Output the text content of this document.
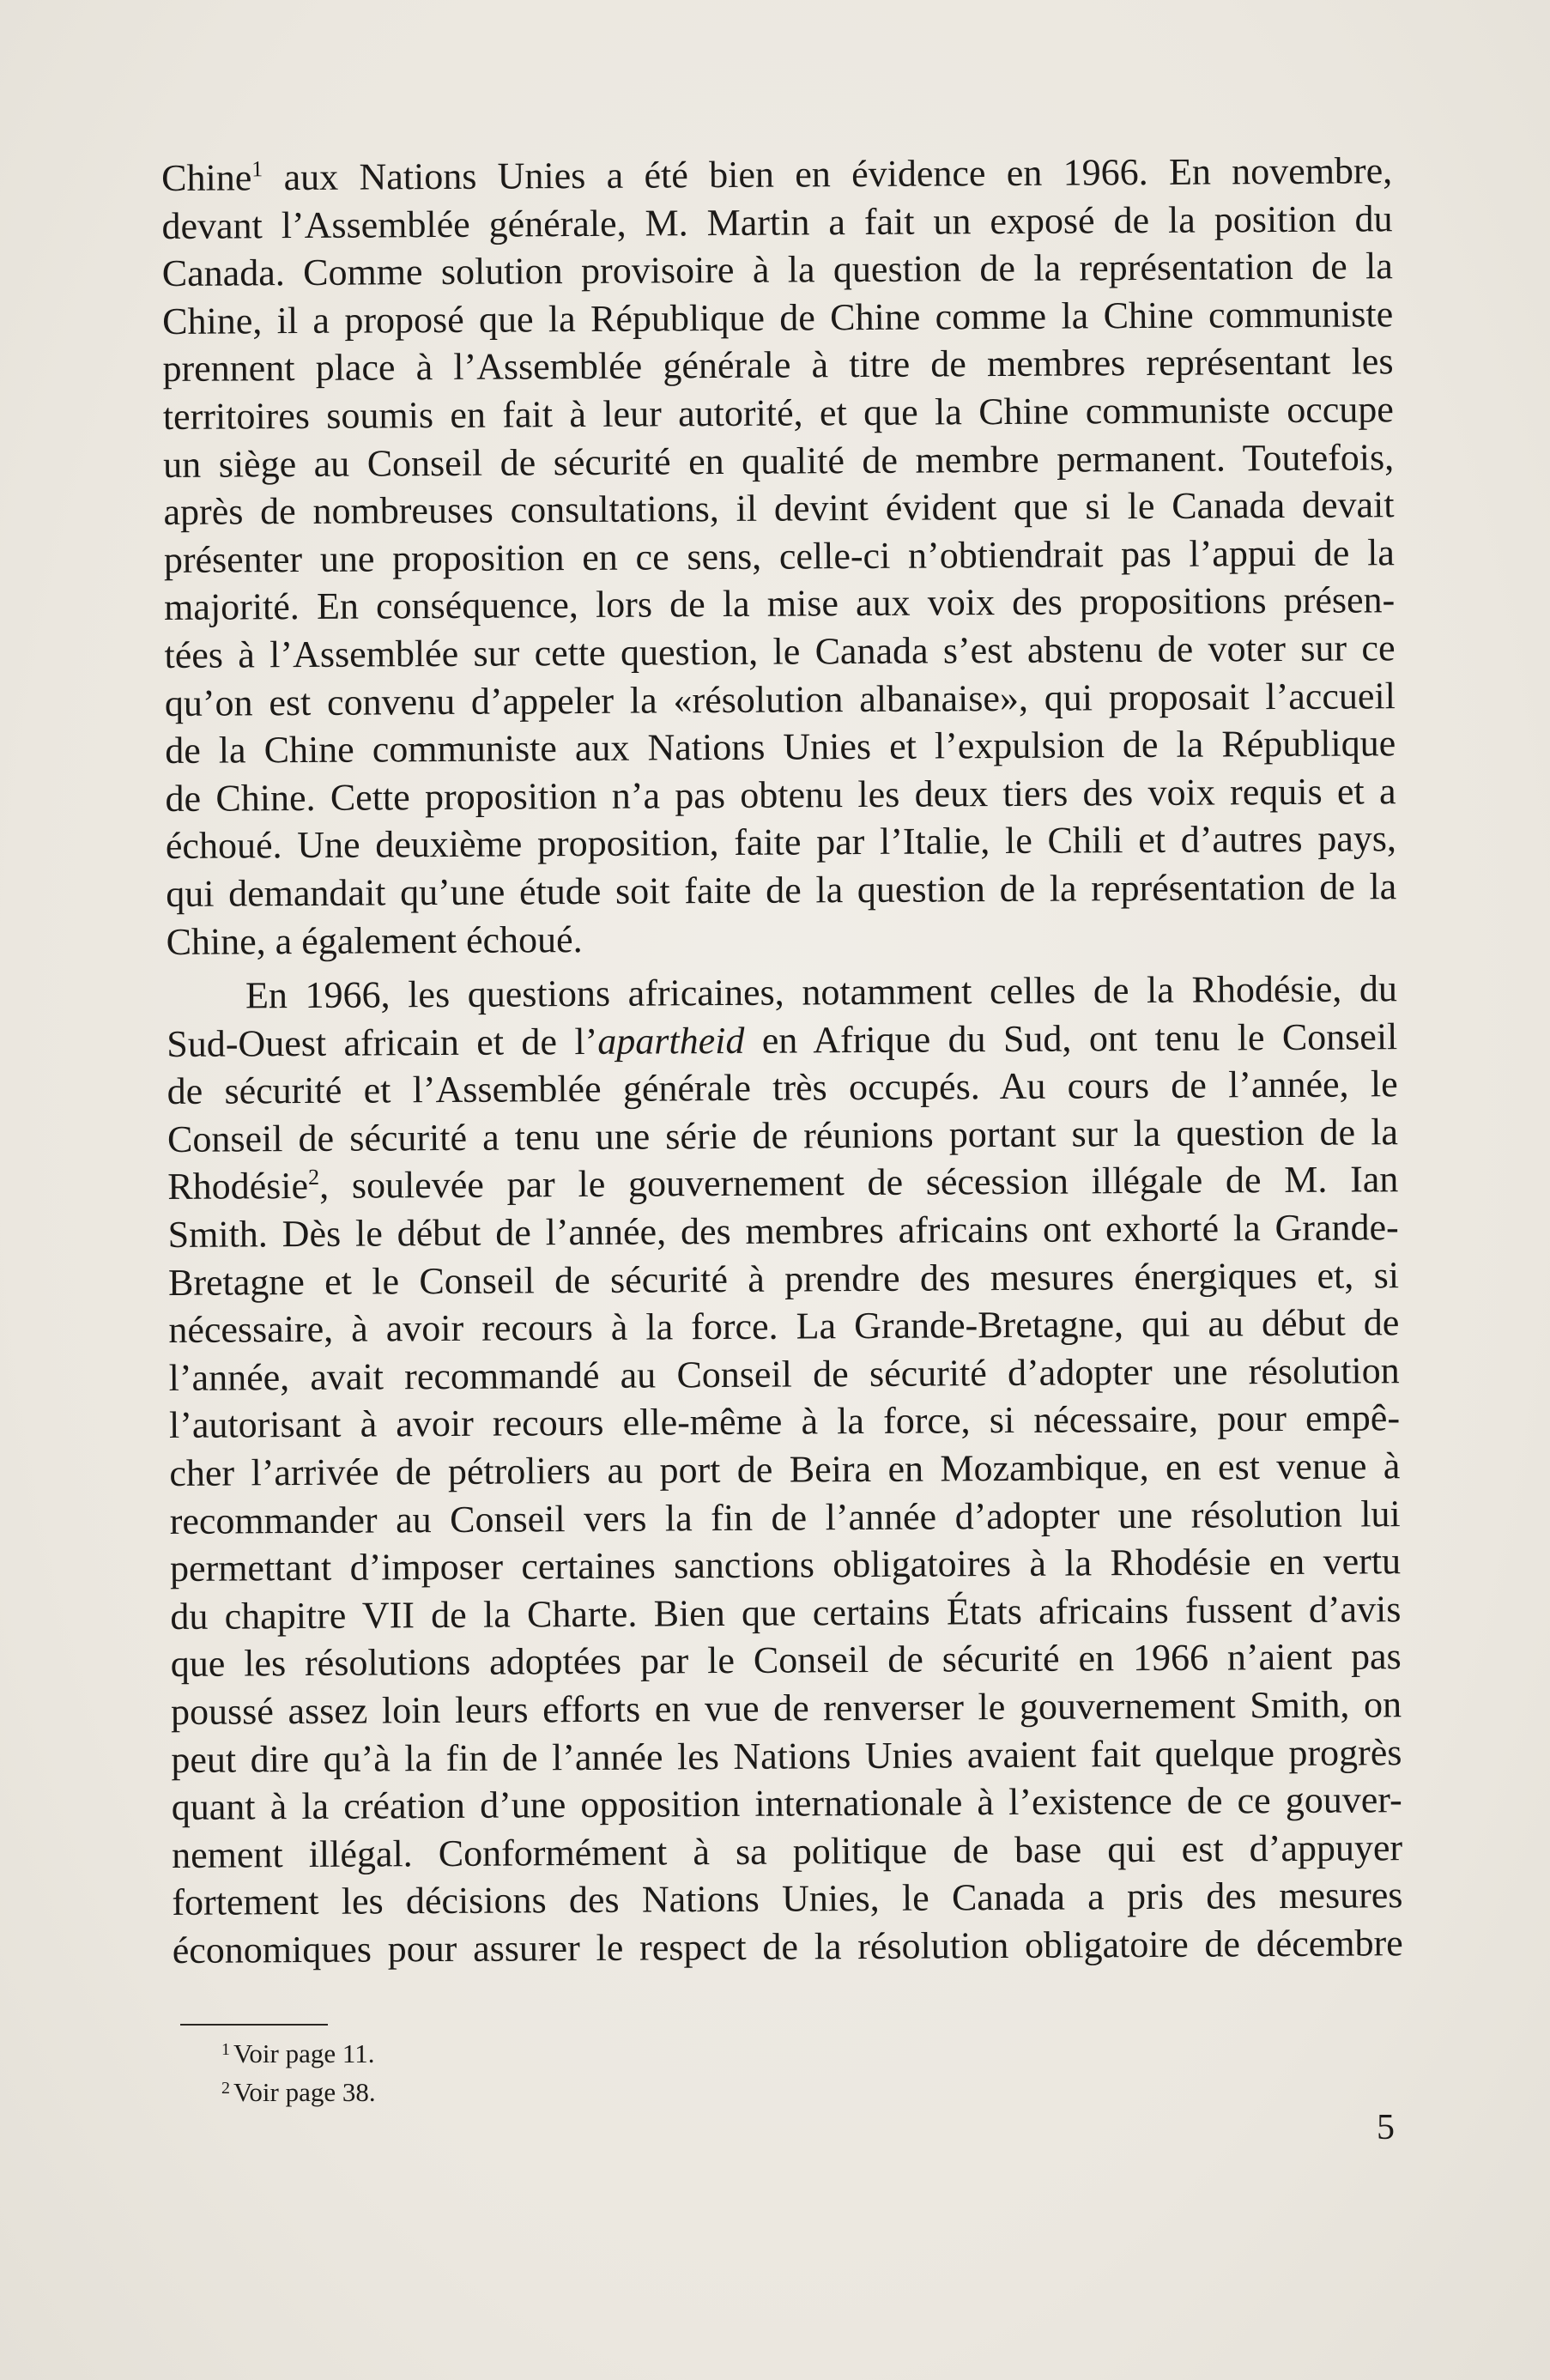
Chine$^1$ aux Nations Unies a été bien en évidence en 1966. En novembre,
devant l’Assemblée générale, M. Martin a fait un exposé de la position du
Canada. Comme solution provisoire à la question de la représentation de la
Chine, il a proposé que la République de Chine comme la Chine communiste
prennent place à l’Assemblée générale à titre de membres représentant les
territoires soumis en fait à leur autorité, et que la Chine communiste occupe
un siège au Conseil de sécurité en qualité de membre permanent. Toutefois,
après de nombreuses consultations, il devint évident que si le Canada devait
présenter une proposition en ce sens, celle-ci n’obtiendrait pas l’appui de la
majorité. En conséquence, lors de la mise aux voix des propositions présen-
tées à l’Assemblée sur cette question, le Canada s’est abstenu de voter sur ce
qu’on est convenu d’appeler la «résolution albanaise», qui proposait l’accueil
de la Chine communiste aux Nations Unies et l’expulsion de la République
de Chine. Cette proposition n’a pas obtenu les deux tiers des voix requis et a
échoué. Une deuxième proposition, faite par l’Italie, le Chili et d’autres pays,
qui demandait qu’une étude soit faite de la question de la représentation de la
Chine, a également échoué.
En 1966, les questions africaines, notamment celles de la Rhodésie, du
Sud-Ouest africain et de l’apartheid en Afrique du Sud, ont tenu le Conseil
de sécurité et l’Assemblée générale très occupés. Au cours de l’année, le
Conseil de sécurité a tenu une série de réunions portant sur la question de la
Rhodésie$^2$, soulevée par le gouvernement de sécession illégale de M. Ian
Smith. Dès le début de l’année, des membres africains ont exhorté la Grande-
Bretagne et le Conseil de sécurité à prendre des mesures énergiques et, si
nécessaire, à avoir recours à la force. La Grande-Bretagne, qui au début de
l’année, avait recommandé au Conseil de sécurité d’adopter une résolution
l’autorisant à avoir recours elle-même à la force, si nécessaire, pour empê-
cher l’arrivée de pétroliers au port de Beira en Mozambique, en est venue à
recommander au Conseil vers la fin de l’année d’adopter une résolution lui
permettant d’imposer certaines sanctions obligatoires à la Rhodésie en vertu
du chapitre VII de la Charte. Bien que certains États africains fussent d’avis
que les résolutions adoptées par le Conseil de sécurité en 1966 n’aient pas
poussé assez loin leurs efforts en vue de renverser le gouvernement Smith, on
peut dire qu’à la fin de l’année les Nations Unies avaient fait quelque progrès
quant à la création d’une opposition internationale à l’existence de ce gouver-
nement illégal. Conformément à sa politique de base qui est d’appuyer
fortement les décisions des Nations Unies, le Canada a pris des mesures
économiques pour assurer le respect de la résolution obligatoire de décembre
$^1$ Voir page 11.
$^2$ Voir page 38.
5
